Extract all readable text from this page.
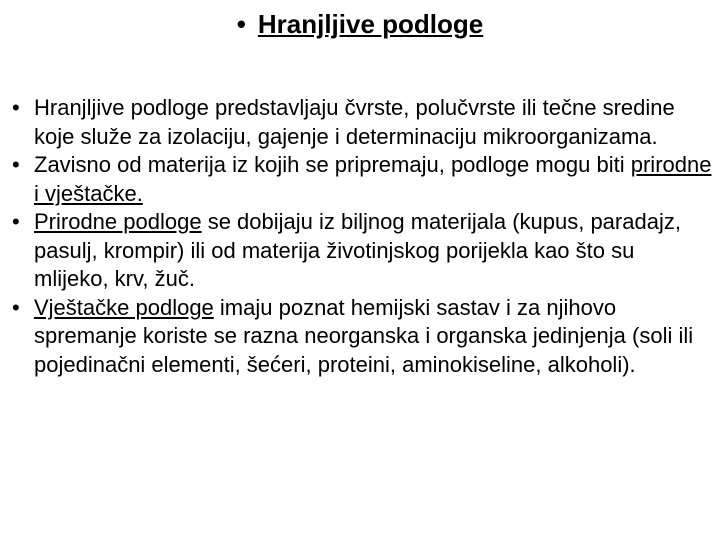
• Hranjljive podloge
• Hranjljive podloge predstavljaju čvrste, polučvrste ili tečne sredine koje služe za izolaciju, gajenje i determinaciju mikroorganizama.
• Zavisno od materija iz kojih se pripremaju, podloge mogu biti prirodne i vještačke.
• Prirodne podloge se dobijaju iz biljnog materijala (kupus, paradajz, pasulj, krompir) ili od materija životinjskog porijekla kao što su mlijeko, krv, žuč.
• Vještačke podloge imaju poznat hemijski sastav i za njihovo spremanje koriste se razna neorganska i organska jedinjenja (soli ili pojedinačni elementi, šećeri, proteini, aminokiseline, alkoholi).
